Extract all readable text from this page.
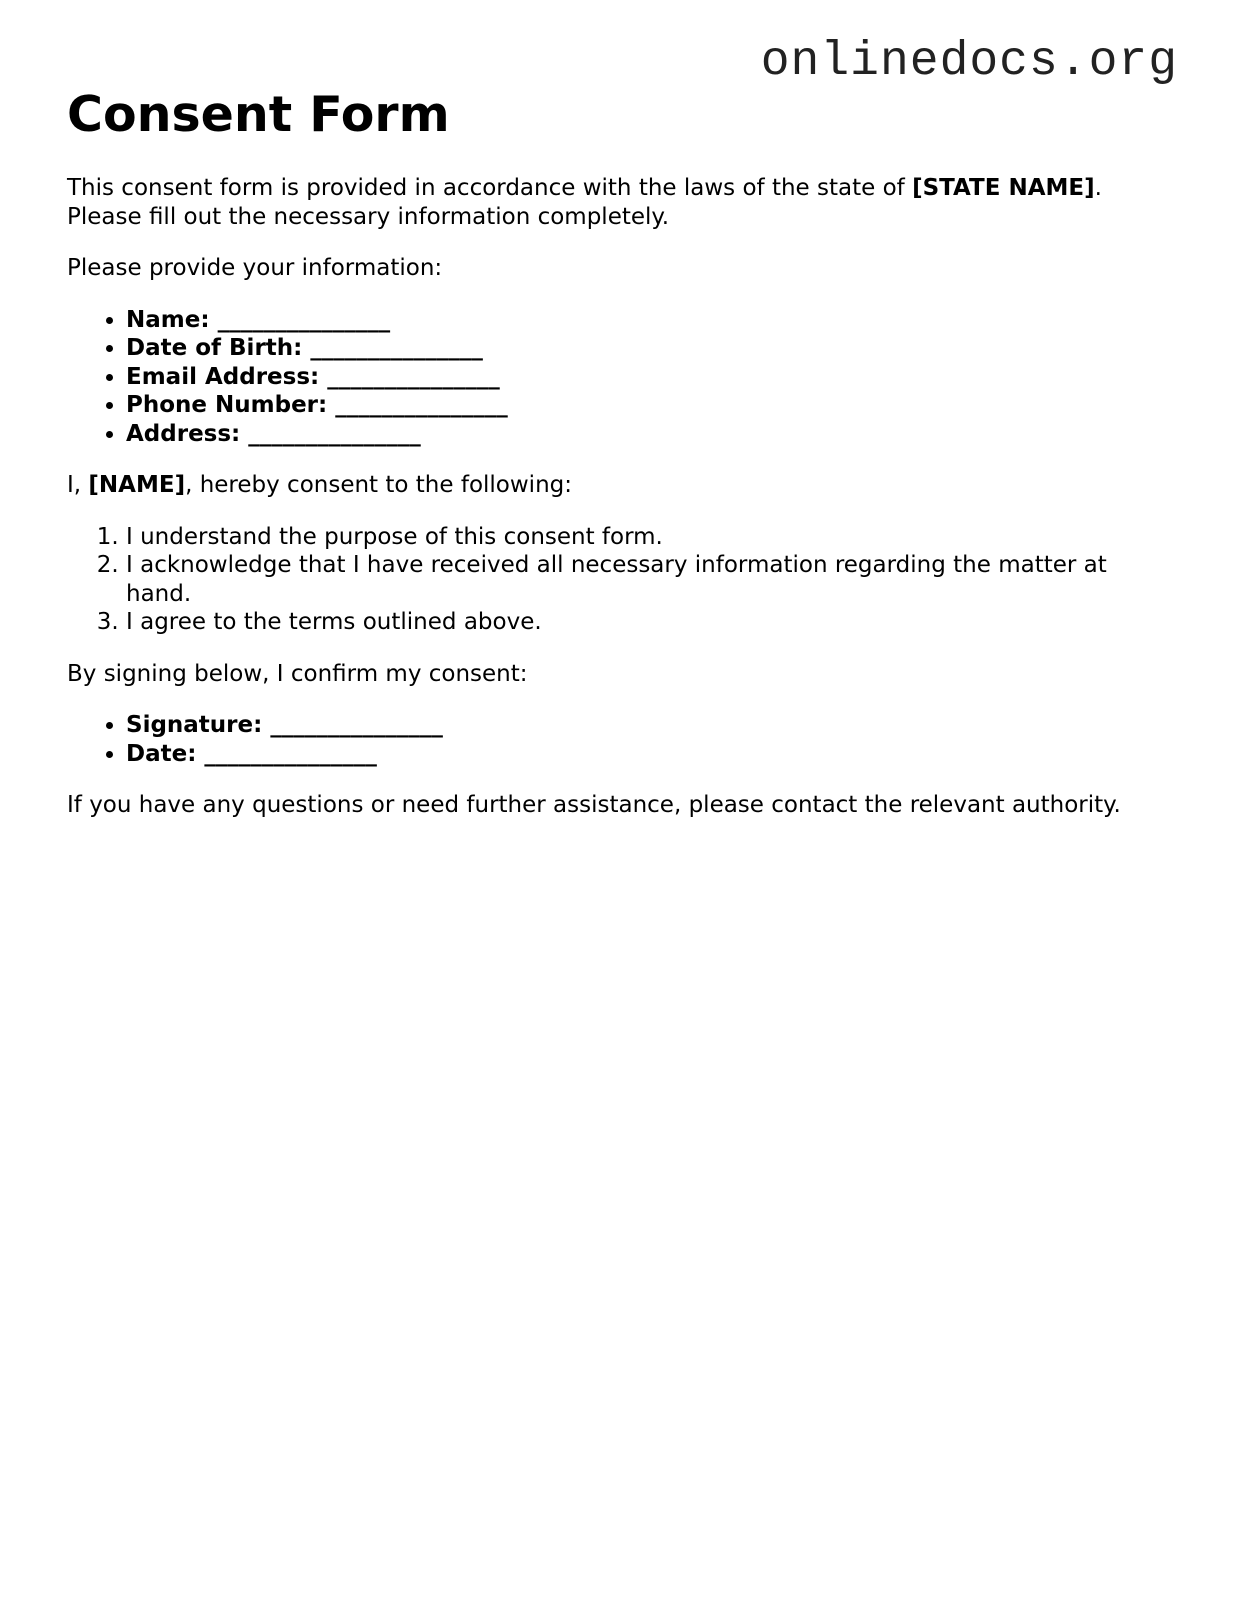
onlinedocs.org
Consent Form

This consent form is provided in accordance with the laws of the state of [STATE NAME].
Please fill out the necessary information completely.

Please provide your information:

• Name: _______________
• Date of Birth: _______________
• Email Address: _______________
• Phone Number: _______________
• Address: _______________

I, [NAME], hereby consent to the following:

1. I understand the purpose of this consent form.
2. I acknowledge that I have received all necessary information regarding the matter at hand.
3. I agree to the terms outlined above.

By signing below, I confirm my consent:

• Signature: _______________
• Date: _______________

If you have any questions or need further assistance, please contact the relevant authority.
